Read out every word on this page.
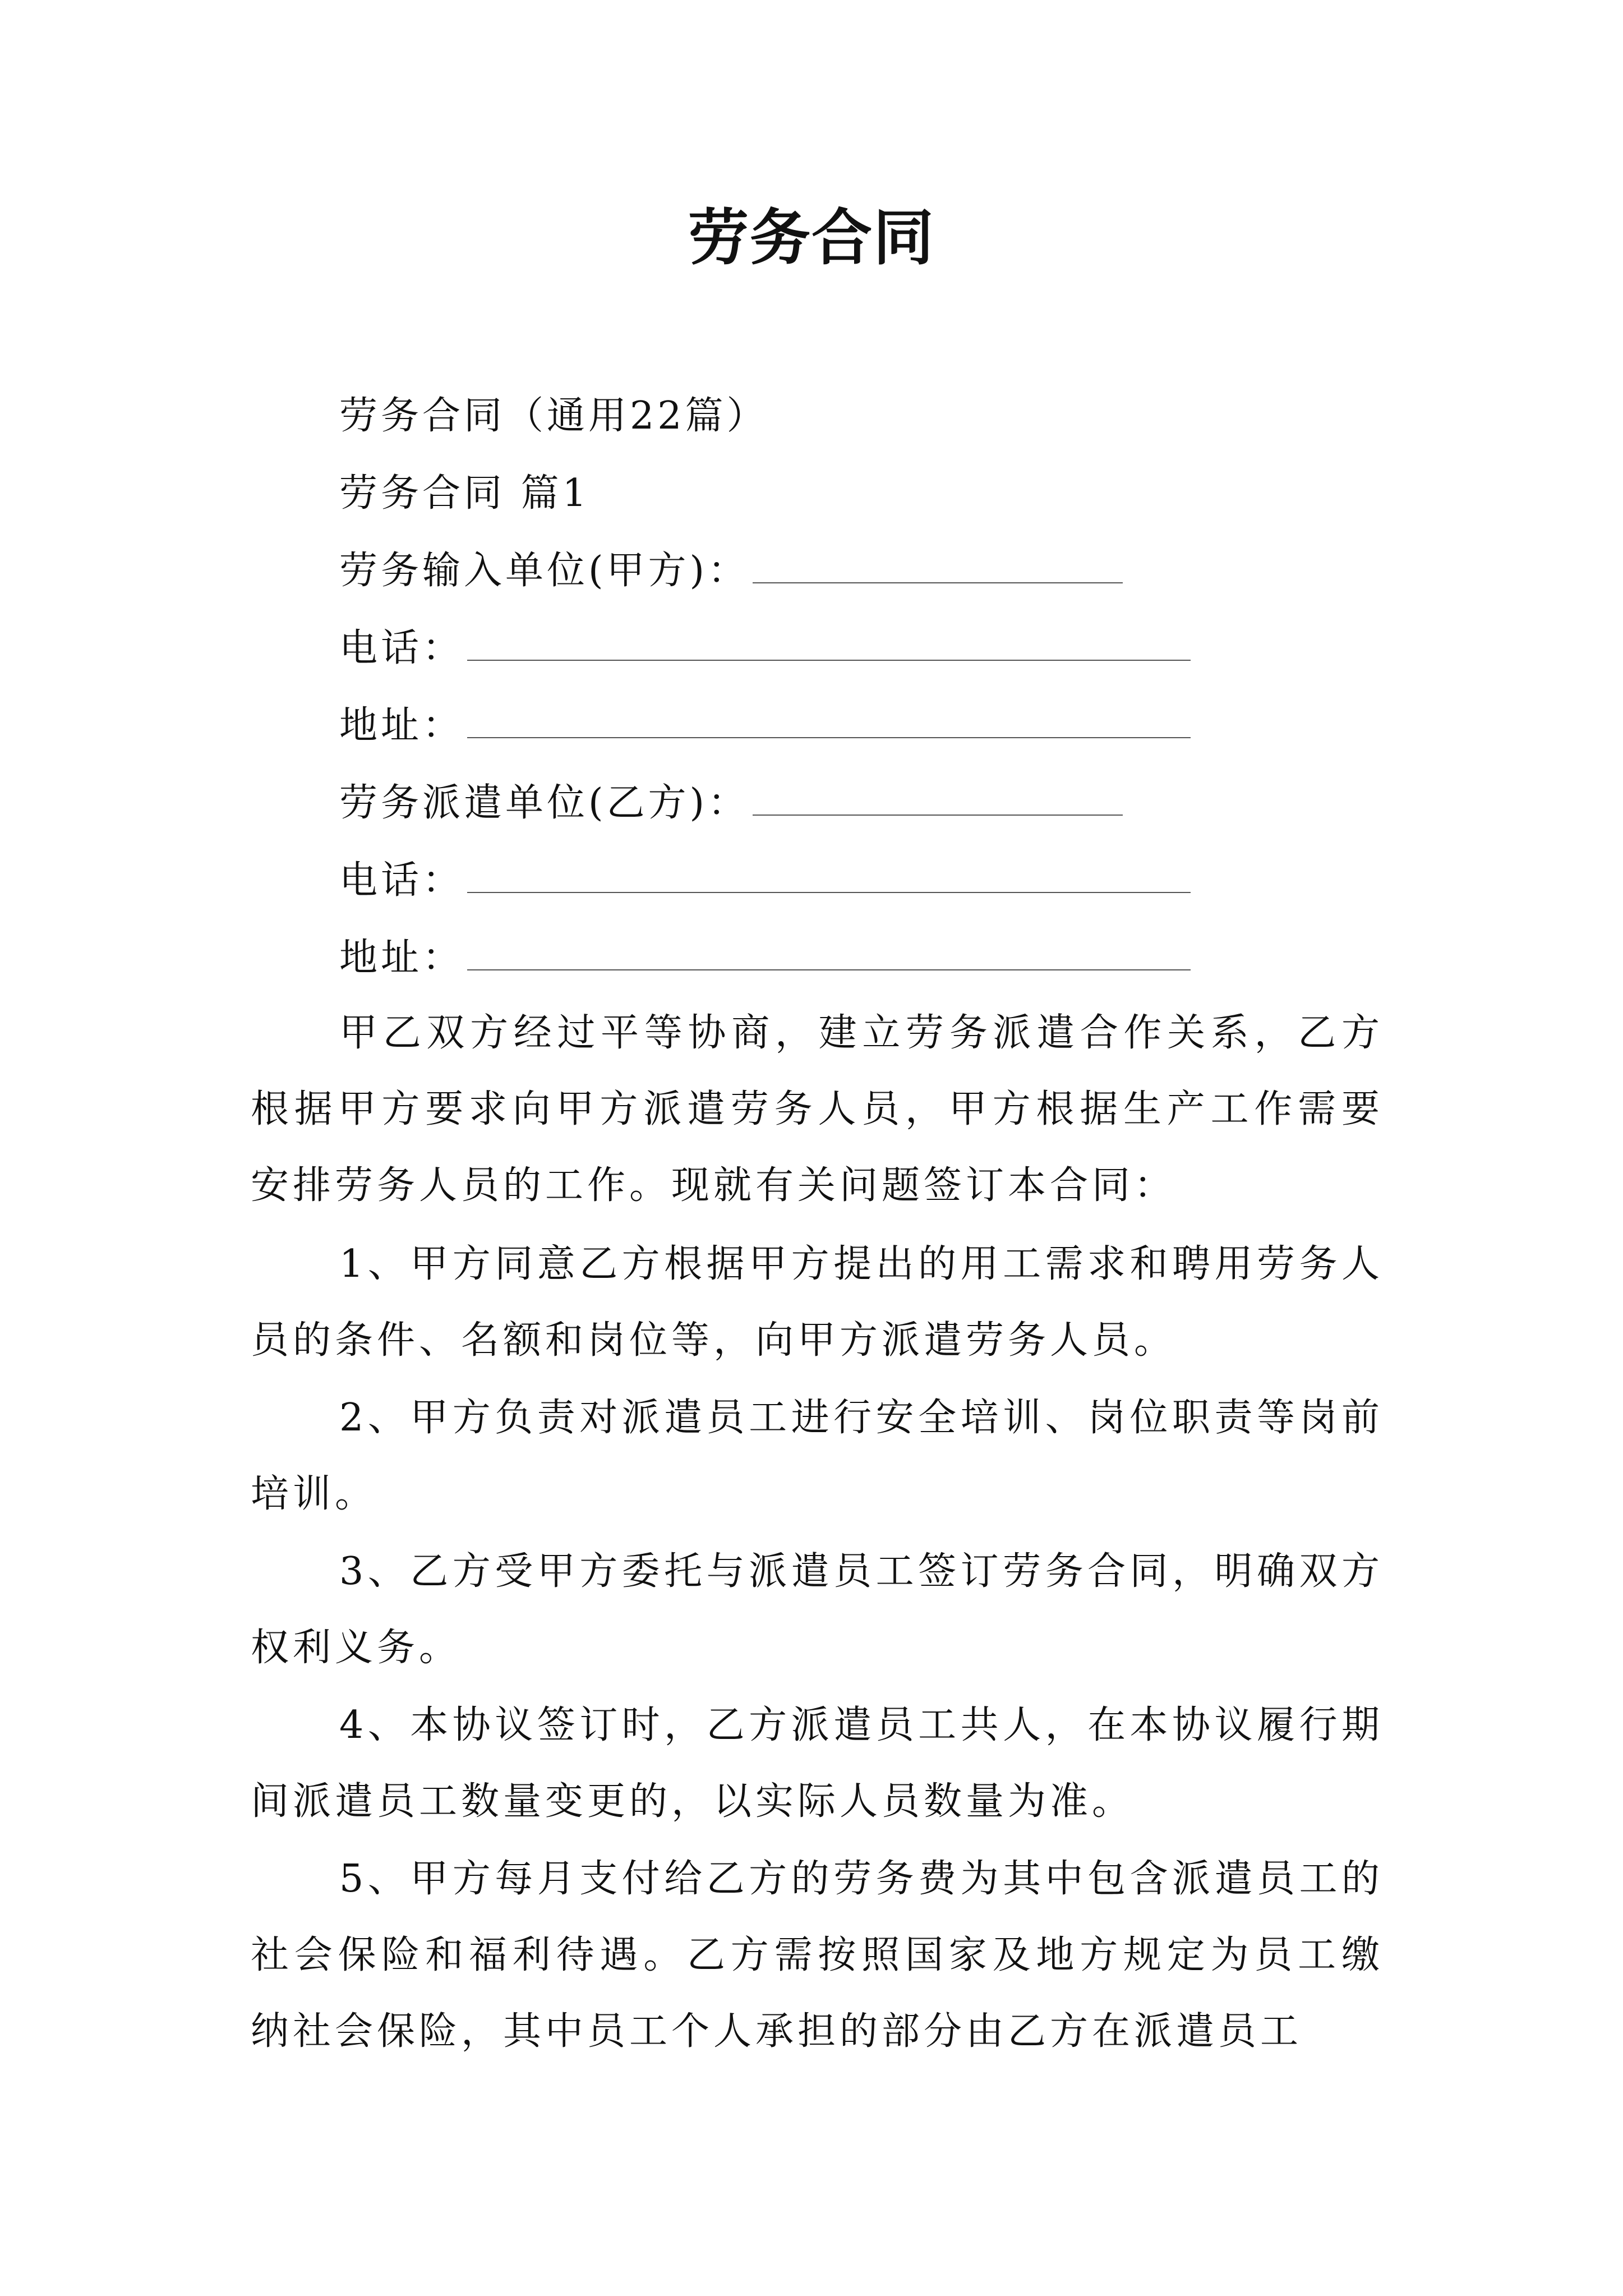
劳务合同
劳务合同（通用22篇）
劳务合同 篇1
劳务输入单位(甲方)：
电话：
地址：
劳务派遣单位(乙方)：
电话：
地址：

甲乙双方经过平等协商，建立劳务派遣合作关系，乙方根据甲方要求向甲方派遣劳务人员，甲方根据生产工作需要安排劳务人员的工作。现就有关问题签订本合同：

1、甲方同意乙方根据甲方提出的用工需求和聘用劳务人员的条件、名额和岗位等，向甲方派遣劳务人员。

2、甲方负责对派遣员工进行安全培训、岗位职责等岗前培训。

3、乙方受甲方委托与派遣员工签订劳务合同，明确双方权利义务。

4、本协议签订时，乙方派遣员工共人，在本协议履行期间派遣员工数量变更的，以实际人员数量为准。

5、甲方每月支付给乙方的劳务费为其中包含派遣员工的社会保险和福利待遇。乙方需按照国家及地方规定为员工缴纳社会保险，其中员工个人承担的部分由乙方在派遣员工
